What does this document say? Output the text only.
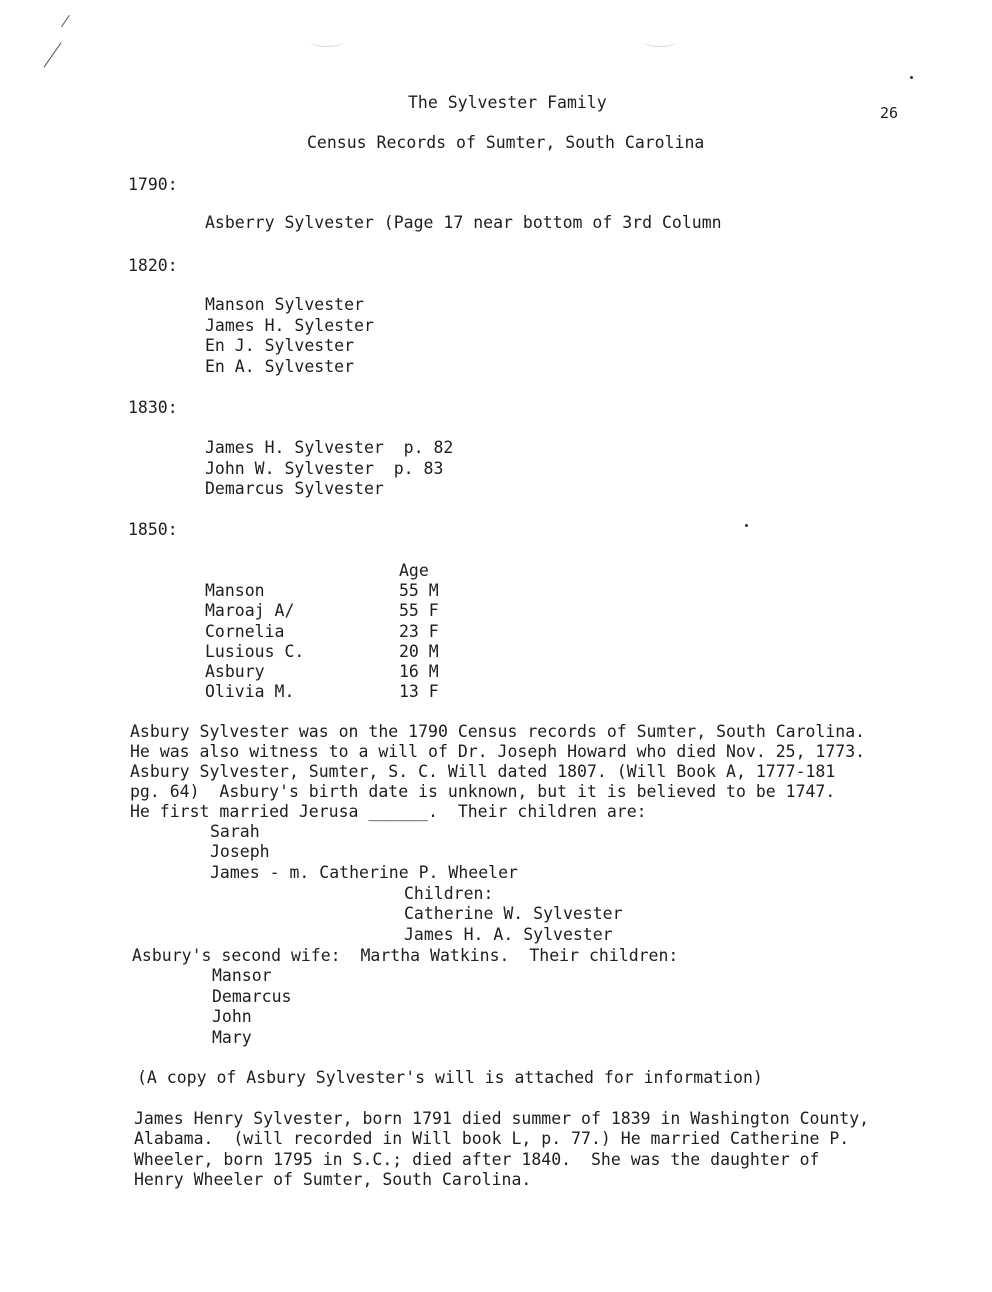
The Sylvester Family
26
Census Records of Sumter, South Carolina
1790:
Asberry Sylvester (Page 17 near bottom of 3rd Column
1820:
Manson Sylvester
James H. Sylester
En J. Sylvester
En A. Sylvester
1830:
James H. Sylvester  p. 82
John W. Sylvester  p. 83
Demarcus Sylvester
1850:
Age
Manson	55 M
Maroaj A/	55 F
Cornelia	23 F
Lusious C.	20 M
Asbury	16 M
Olivia M.	13 F
Asbury Sylvester was on the 1790 Census records of Sumter, South Carolina.
He was also witness to a will of Dr. Joseph Howard who died Nov. 25, 1773.
Asbury Sylvester, Sumter, S. C. Will dated 1807. (Will Book A, 1777-181
pg. 64)  Asbury's birth date is unknown, but it is believed to be 1747.
He first married Jerusa ______.  Their children are:
Sarah
Joseph
James - m. Catherine P. Wheeler
Children:
Catherine W. Sylvester
James H. A. Sylvester
Asbury's second wife:  Martha Watkins.  Their children:
Mansor
Demarcus
John
Mary
(A copy of Asbury Sylvester's will is attached for information)
James Henry Sylvester, born 1791 died summer of 1839 in Washington County,
Alabama.  (will recorded in Will book L, p. 77.) He married Catherine P.
Wheeler, born 1795 in S.C.; died after 1840.  She was the daughter of
Henry Wheeler of Sumter, South Carolina.
